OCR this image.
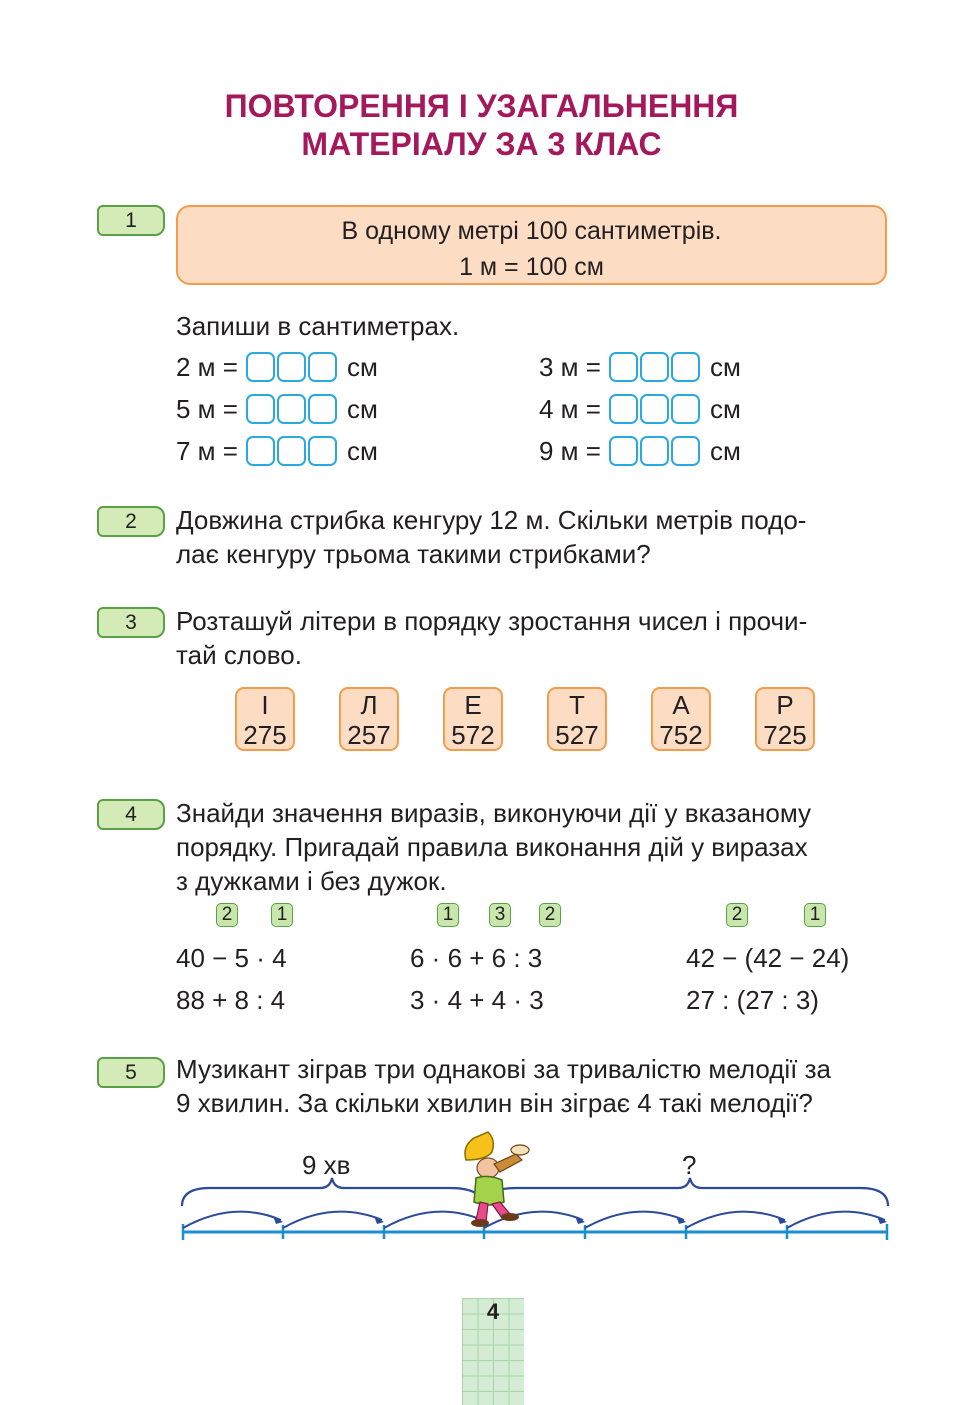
ПОВТОРЕННЯ І УЗАГАЛЬНЕННЯ
МАТЕРІАЛУ ЗА 3 КЛАС
1	В одному метрі 100 сантиметрів.
1 м = 100 см
Запиши в сантиметрах.
2 м =	см	3 м =	см
5 м =	см	4 м =	см
7 м =	см	9 м =	см
2	Довжина стрибка кенгуру 12 м. Скільки метрів подо-
лає кенгуру трьома такими стрибками?
3	Розташуй літери в порядку зростання чисел і прочи-
тай слово.
І
275
Л
257
Е
572
Т
527
А
752
Р
725
4	Знайди значення виразів, виконуючи дії у вказаному
порядку. Пригадай правила виконання дій у виразах
з дужками і без дужок.
2	1	1	3	2	2	1
40 − 5 · 4	6 · 6 + 6 : 3	42 − (42 − 24)
88 + 8 : 4	3 · 4 + 4 · 3	27 : (27 : 3)
5	Музикант зіграв три однакові за тривалістю мелодії за
9 хвилин. За скільки хвилин він зіграє 4 такі мелодії?
9 хв	?
4
